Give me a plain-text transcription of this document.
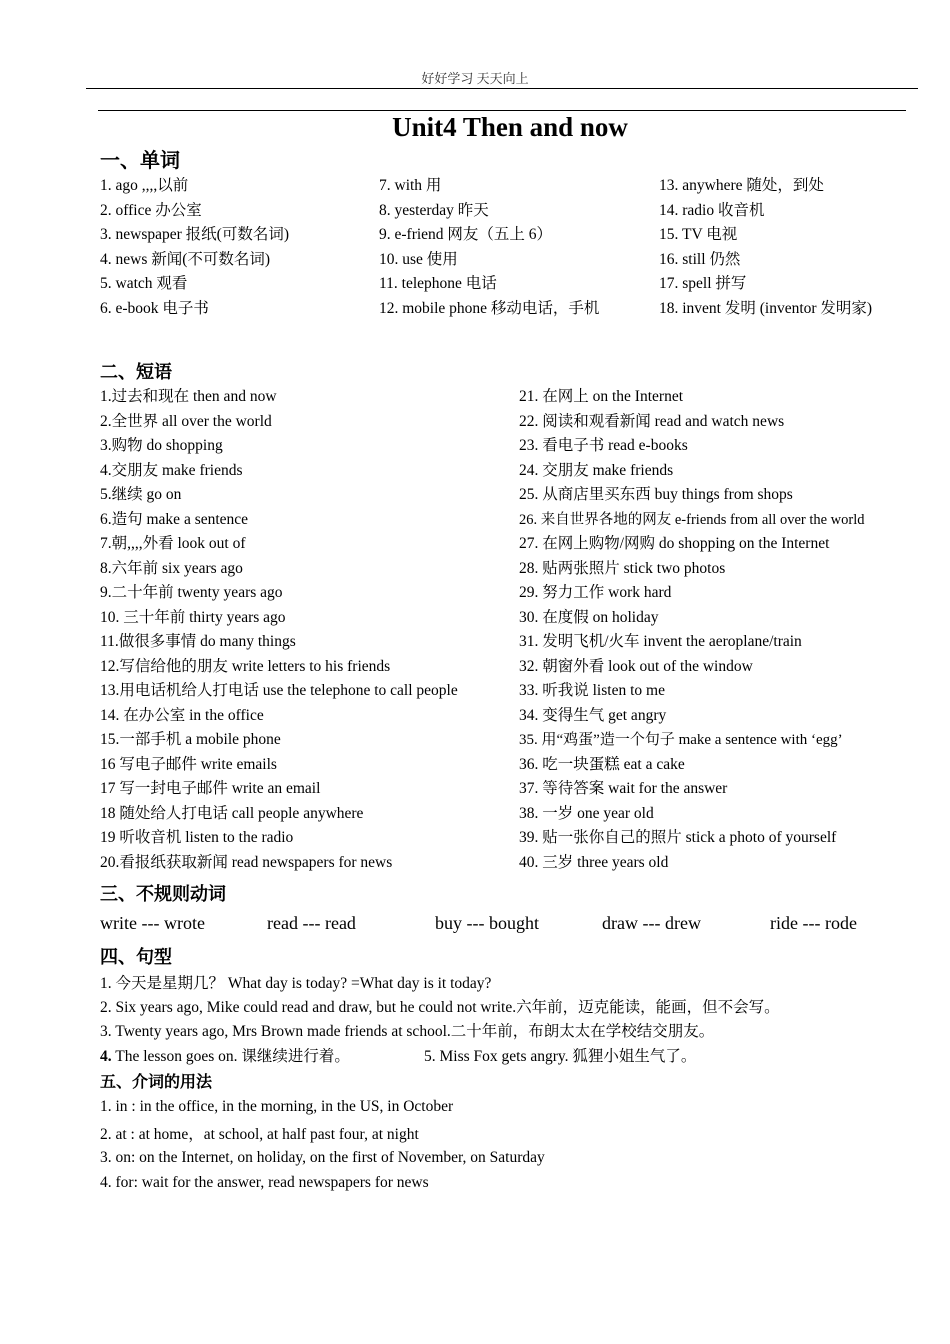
好好学习 天天向上
Unit4 Then and now
一、单词
1. ago ,,,,以前
2. office 办公室
3. newspaper 报纸(可数名词)
4. news 新闻(不可数名词)
5. watch 观看
6. e-book 电子书
7. with 用
8. yesterday 昨天
9. e-friend 网友（五上 6）
10. use 使用
11. telephone 电话
12. mobile phone 移动电话，手机
13. anywhere 随处，到处
14. radio 收音机
15. TV 电视
16. still 仍然
17. spell 拼写
18. invent 发明 (inventor 发明家)
二、短语
1.过去和现在 then and now
2.全世界 all over the world
3.购物 do shopping
4.交朋友 make friends
5.继续 go on
6.造句 make a sentence
7.朝,,,,外看 look out of
8.六年前 six years ago
9.二十年前 twenty years ago
10. 三十年前 thirty years ago
11.做很多事情 do many things
12.写信给他的朋友 write letters to his friends
13.用电话机给人打电话 use the telephone to call people
14. 在办公室 in the office
15.一部手机 a mobile phone
16 写电子邮件 write emails
17 写一封电子邮件 write an email
18 随处给人打电话 call people anywhere
19 听收音机 listen to the radio
20.看报纸获取新闻 read newspapers for news
21. 在网上 on the Internet
22. 阅读和观看新闻 read and watch news
23. 看电子书 read e-books
24. 交朋友 make friends
25. 从商店里买东西 buy things from shops
26. 来自世界各地的网友 e-friends from all over the world
27. 在网上购物/网购 do shopping on the Internet
28. 贴两张照片 stick two photos
29. 努力工作 work hard
30. 在度假 on holiday
31. 发明飞机/火车 invent the aeroplane/train
32. 朝窗外看 look out of the window
33. 听我说 listen to me
34. 变得生气 get angry
35. 用“鸡蛋”造一个句子 make a sentence with ‘egg’
36. 吃一块蛋糕 eat a cake
37. 等待答案 wait for the answer
38. 一岁 one year old
39. 贴一张你自己的照片 stick a photo of yourself
40. 三岁 three years old
三、不规则动词
write --- wrote	read --- read	buy --- bought	draw --- drew	ride --- rode
四、句型
1. 今天是星期几？ What day is today? =What day is it today?
2. Six years ago, Mike could read and draw, but he could not write.六年前，迈克能读，能画，但不会写。
3. Twenty years ago, Mrs Brown made friends at school.二十年前，布朗太太在学校结交朋友。
4. The lesson goes on. 课继续进行着。	5. Miss Fox gets angry. 狐狸小姐生气了。
五、介词的用法
1. in : in the office, in the morning, in the US, in October
2. at : at home，at school, at half past four, at night
3. on: on the Internet, on holiday, on the first of November, on Saturday
4. for: wait for the answer, read newspapers for news
